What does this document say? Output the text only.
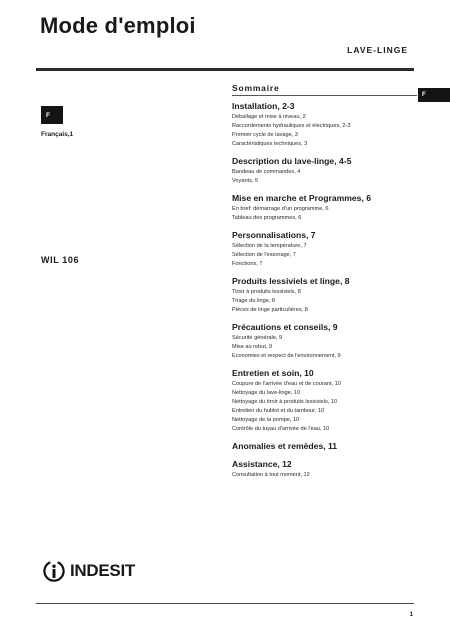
Mode d'emploi
LAVE-LINGE
F
Français,1
F
WIL 106
Sommaire
Installation, 2-3
Déballage et mise à niveau, 2
Raccordements hydrauliques et électriques, 2-3
Premier cycle de lavage, 3
Caractéristiques techniques, 3
Description du lave-linge, 4-5
Bandeau de commandes, 4
Voyants, 5
Mise en marche et Programmes, 6
En bref: démarrage d'un programme, 6
Tableau des programmes, 6
Personnalisations, 7
Sélection de la température, 7
Sélection de l'essorage, 7
Fonctions, 7
Produits lessiviels et linge, 8
Tiroir à produits lessiviels, 8
Triage du linge, 8
Pièces de linge particulières, 8
Précautions et conseils, 9
Sécurité générale, 9
Mise au rebut, 9
Economies et respect de l'environnement, 9
Entretien et soin, 10
Coupure de l'arrivée d'eau et de courant, 10
Nettoyage du lave-linge, 10
Nettoyage du tiroir à produits lessiviels, 10
Entretien du hublot et du tambour, 10
Nettoyage de la pompe, 10
Contrôle du tuyau d'arrivée de l'eau, 10
Anomalies et remèdes, 11
Assistance, 12
Consultation à tout moment, 12
INDESIT
1
